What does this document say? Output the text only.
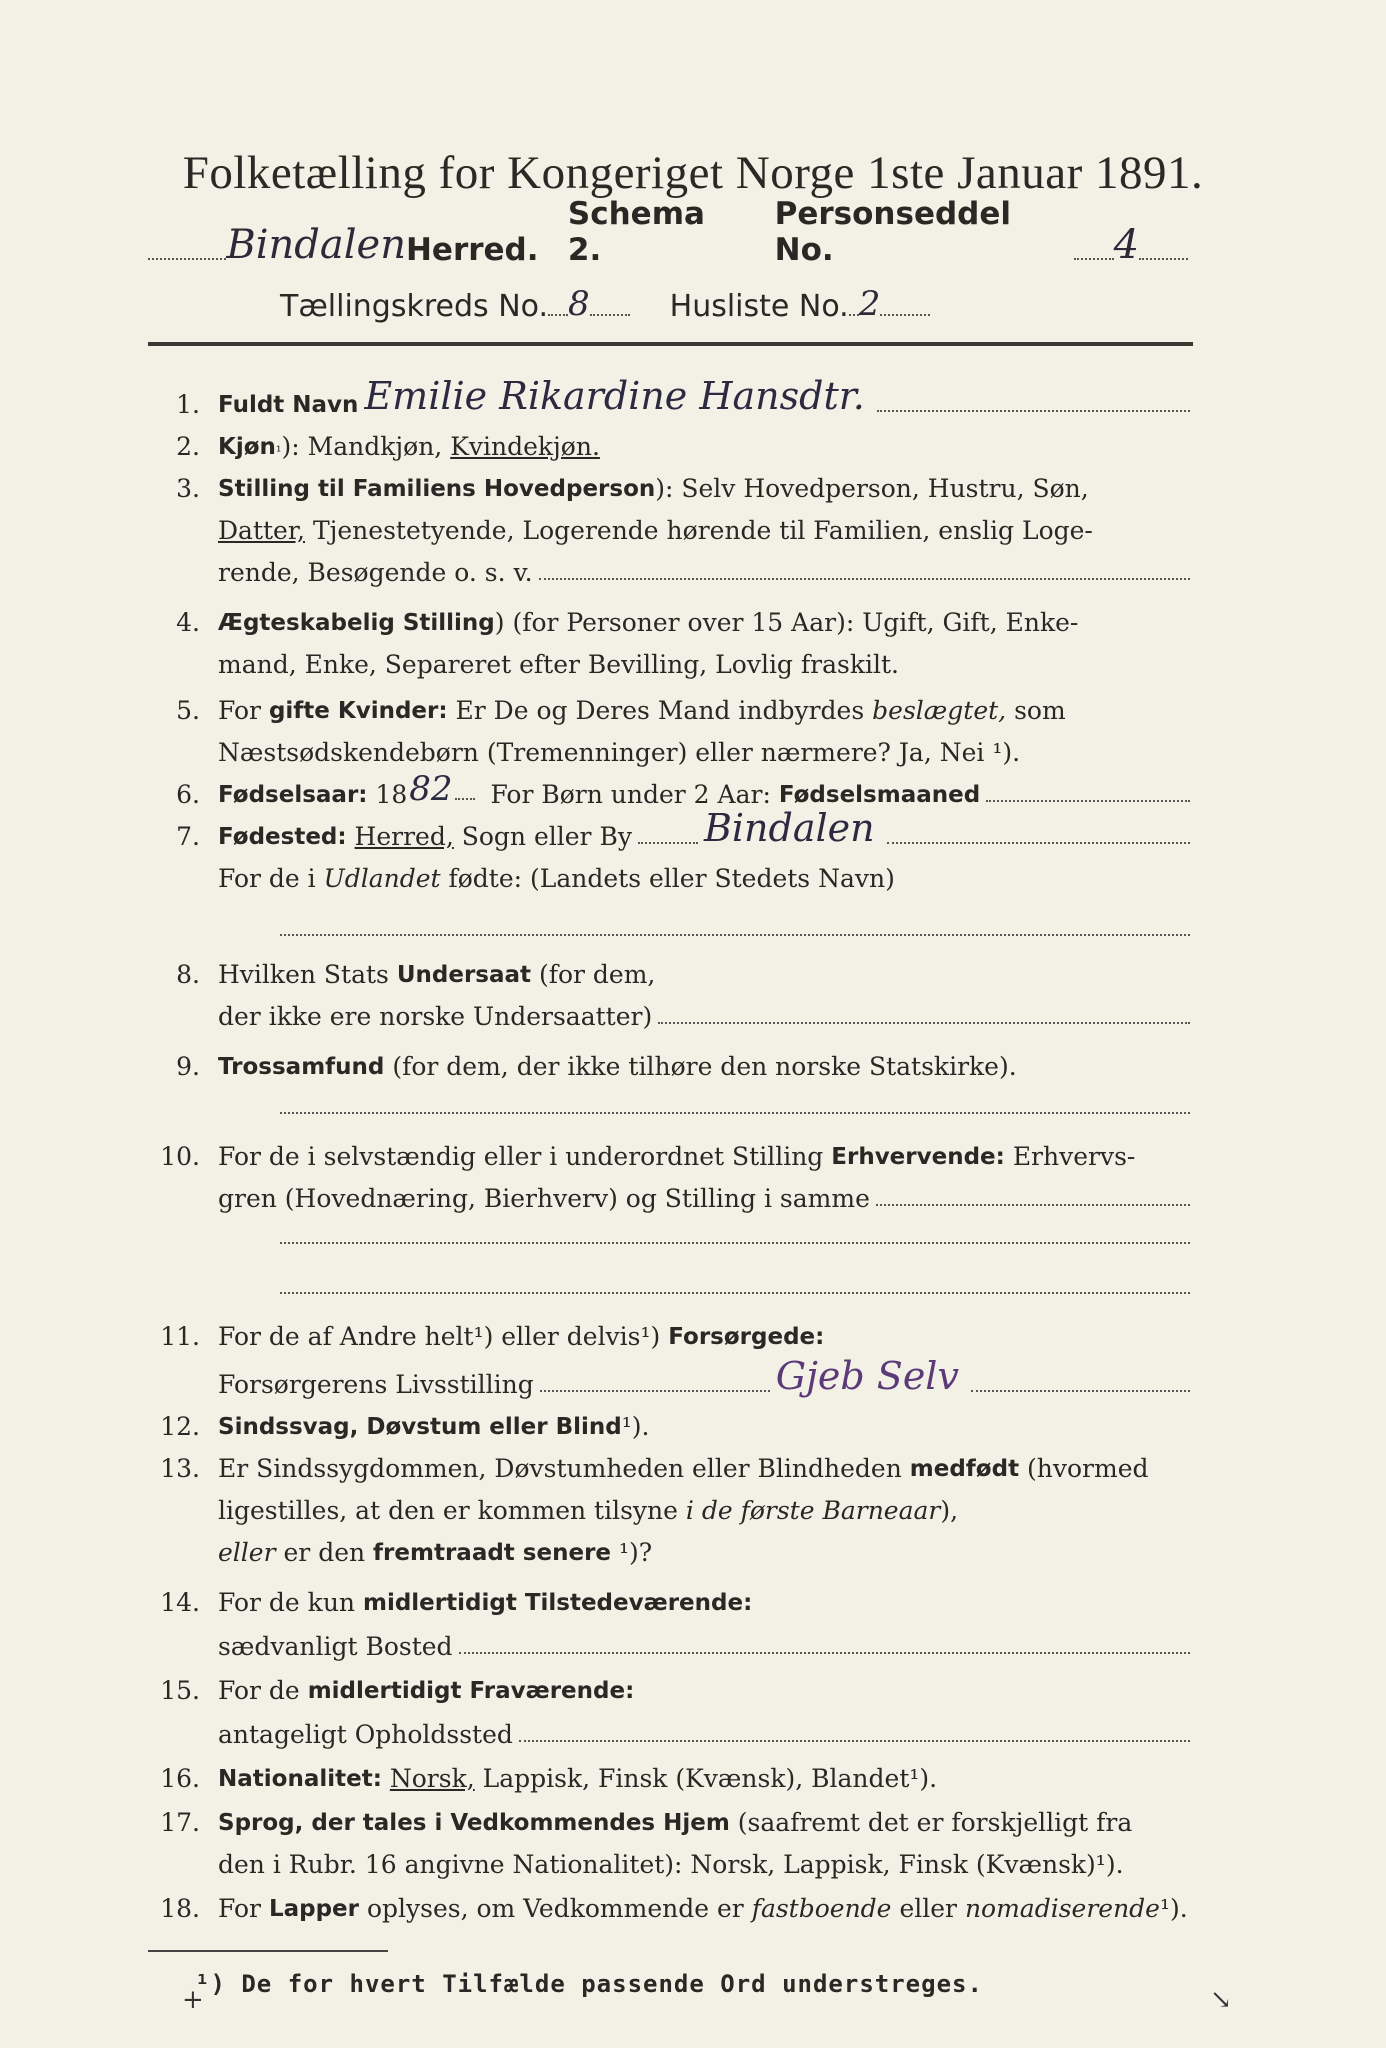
Folketælling for Kongeriget Norge 1ste Januar 1891.
Bindalen Herred.
Schema 2.
Personseddel No.	4
Tællingskreds No. 8	Husliste No. 2
1. Fuldt Navn Emilie Rikardine Hansdtr.
2. Kjøn ¹ ): Mandkjøn,
Kvindekjøn.
3. Stilling til Familiens Hovedperson ): Selv Hovedperson, Hustru, Søn,
Datter,
Tjenestetyende, Logerende hørende til Familien, enslig Loge-
rende, Besøgende o. s. v.
4. Ægteskabelig Stilling ) (for Personer over 15 Aar): Ugift, Gift, Enke-
mand, Enke, Separeret efter Bevilling, Lovlig fraskilt.
5. For
gifte Kvinder:
Er De og Deres Mand indbyrdes
beslægtet,
som
Næstsødskendebørn (Tremenninger) eller nærmere? Ja, Nei ¹).
6. Fødselsaar:
18 82
For Børn under 2 Aar:
Fødselsmaaned
7. Fødested:
Herred,
Sogn eller By Bindalen
For de i
Udlandet
fødte: (Landets eller Stedets Navn)
8. Hvilken Stats
Undersaat
(for dem,
der ikke ere norske Undersaatter)
9. Trossamfund
(for dem, der ikke tilhøre den norske Statskirke).
10. For de i selvstændig eller i underordnet Stilling
Erhvervende:
Erhvervs-
gren (Hovednæring, Bierhverv) og Stilling i samme
11. For de af Andre helt¹) eller delvis¹)
Forsørgede:
Forsørgerens Livsstilling	Gjeb Selv
12. Sindssvag, Døvstum eller Blind ¹).
13. Er Sindssygdommen, Døvstumheden eller Blindheden
medfødt
(hvormed
ligestilles, at den er kommen tilsyne
i de første Barneaar ),
eller
er den
fremtraadt senere
¹)?
14. For de kun
midlertidigt Tilstedeværende:
sædvanligt Bosted
15. For de
midlertidigt Fraværende:
antageligt Opholdssted
16. Nationalitet:
Norsk,
Lappisk, Finsk (Kvænsk), Blandet¹).
17. Sprog, der tales i Vedkommendes Hjem
(saafremt det er forskjelligt fra
den i Rubr. 16 angivne Nationalitet): Norsk, Lappisk, Finsk (Kvænsk)¹).
18. For
Lapper
oplyses, om Vedkommende er
fastboende
eller
nomadiserende ¹).
¹) De for hvert Tilfælde passende Ord understreges.
+	↘
